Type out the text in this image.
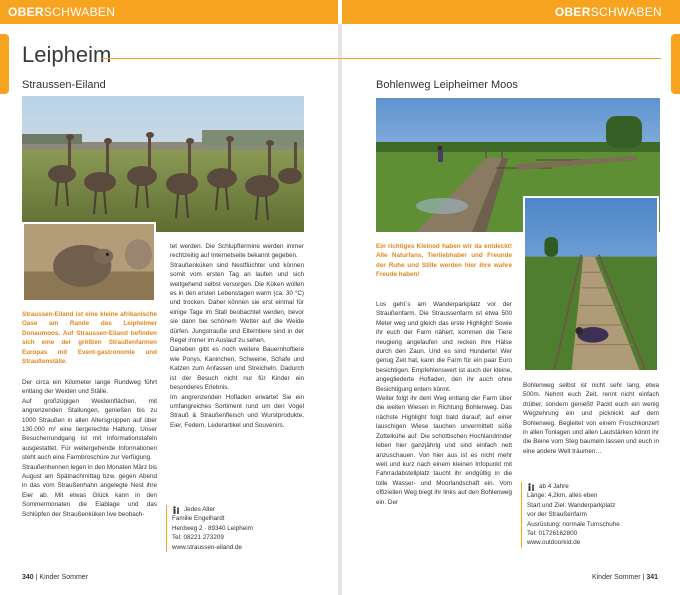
OBERSCHWABEN	OBERSCHWABEN
Leipheim
Straussen-Eiland
Straussen-Eiland ist eine kleine afrikanische Oase am Rande des Leipheimer Donaumoos. Auf Straussen-Eiland befinden sich eine der größten Straußenfarmen Europas mit Event-gastronomie und Straußenställe.

Der circa ein Kilometer lange Rundweg führt entlang der Weiden und Ställe.

Auf großzügigen Weideinflächen, mit angrenzenden Stallungen, genießen bis zu 1000 Straußen in allen Altersgruppen auf über 130.000 m² eine tiergerechte Haltung. Unser Besucherrundgang ist mit Informationstafeln ausgestattet. Für weitergehende Informationen steht auch eine Farmbroschüre zur Verfügung.

Straußenhennen legen in den Monaten März bis August am Spätnachmittag bzw. gegen Abend in das vom Straußenhahn angelegte Nest ihre Eier ab. Mit etwas Glück kann in den Sommermonaten die Eiablage und das Schlüpfen der Straußenküken live beobach-

tet werden. Die Schlupftermine werden immer rechtzeitig auf Internetseite bekannt gegeben.

Straußenküken sind Nestflüchter und können somit vom ersten Tag an laufen und sich weitgehend selbst versorgen. Die Küken wollen es in den ersten Lebenstagen warm (ca. 30 °C) und trocken. Daher können sie erst einmal für einige Tage im Stall beobachtet werden, bevor sie dann bei schönem Wetter auf die Weide dürfen. Jungstrauße und Elterntiere sind in der Regel immer im Auslauf zu sehen.

Daneben gibt es noch weitere Bauernhoftiere wie Ponys, Kaninchen, Schweine, Schafe und Katzen zum Anfassen und Streicheln. Dadurch ist der Besuch nicht nur für Kinder ein besonderes Erlebnis.

Im angrenzenden Hofladen erwartet Sie ein umfangreiches Sortiment rund um den Vogel Strauß & Straußenfleisch und Wurstprodukte, Eier, Federn, Lederartikel und Souvenirs.

Jedes Alter
Familie Engelhardt
Herdweg 2 · 89340 Leipheim
Tel: 08221 273209
www.straussen-eiland.de
Bohlenweg Leipheimer Moos
Ein richtiges Kleinod haben wir da entdeckt! Alle Naturfans, Tierliebhaber und Freunde der Ruhe und Stille werden hier ihre wahre Freude haben!

Los geht´s am Wanderparkplatz vor der Straußenfarm. Die Straussenfarm ist etwa 500 Meter weg und gleich das erste Highlight! Sowie ihr euch der Farm nähert, kommen die Tiere neugierig angelaufen und recken ihre Hälse durch den Zaun. Und es sind Hunderte! Wer genug Zeit hat, kann die Farm für ein paar Euro besichtigen. Empfehlenswert ist auch der kleine, angegliederte Hofladen, den ihr auch ohne Besichtigung entern könnt.

Weiter folgt ihr dem Weg entlang der Farm über die weiten Wiesen in Richtung Bohlenweg. Das nächste Highlight folgt bald darauf; auf einer lauschigen Wiese tauchen unvermittelt süße Zottelkühe auf. Die schottischen Hochlandrinder leben hier ganzjährig und sind einfach nett anzuschauen. Von hier aus ist es nicht mehr weit und kurz nach einem kleinen Infopunkt mit Fahrradabstellplatz taucht ihr endgültig in die tolle Wasser- und Moorlandschaft ein. Vom offiziellen Weg biegt ihr links auf den Bohlenweg ein. Der

Bohlenweg selbst ist nicht sehr lang, etwa 500m. Nehmt euch Zeit, rennt nicht einfach drüber, sondern genießt! Packt euch ein wenig Wegzehrung ein und picknickt auf dem Bohlenweg. Begleitet von einem Froschkonzert in allen Tonlagen und allen Lautstärken könnt ihr die Beine vom Steg baumeln lassen und euch in eine andere Welt träumen…

ab 4 Jahre
Länge: 4,2km, alles eben
Start und Ziel: Wanderparkplatz
vor der Straußenfarm
Ausrüstung: normale Turnschuhe
Tel: 01726162800
www.outdoorkid.de
340 | Kinder Sommer	Kinder Sommer | 341
